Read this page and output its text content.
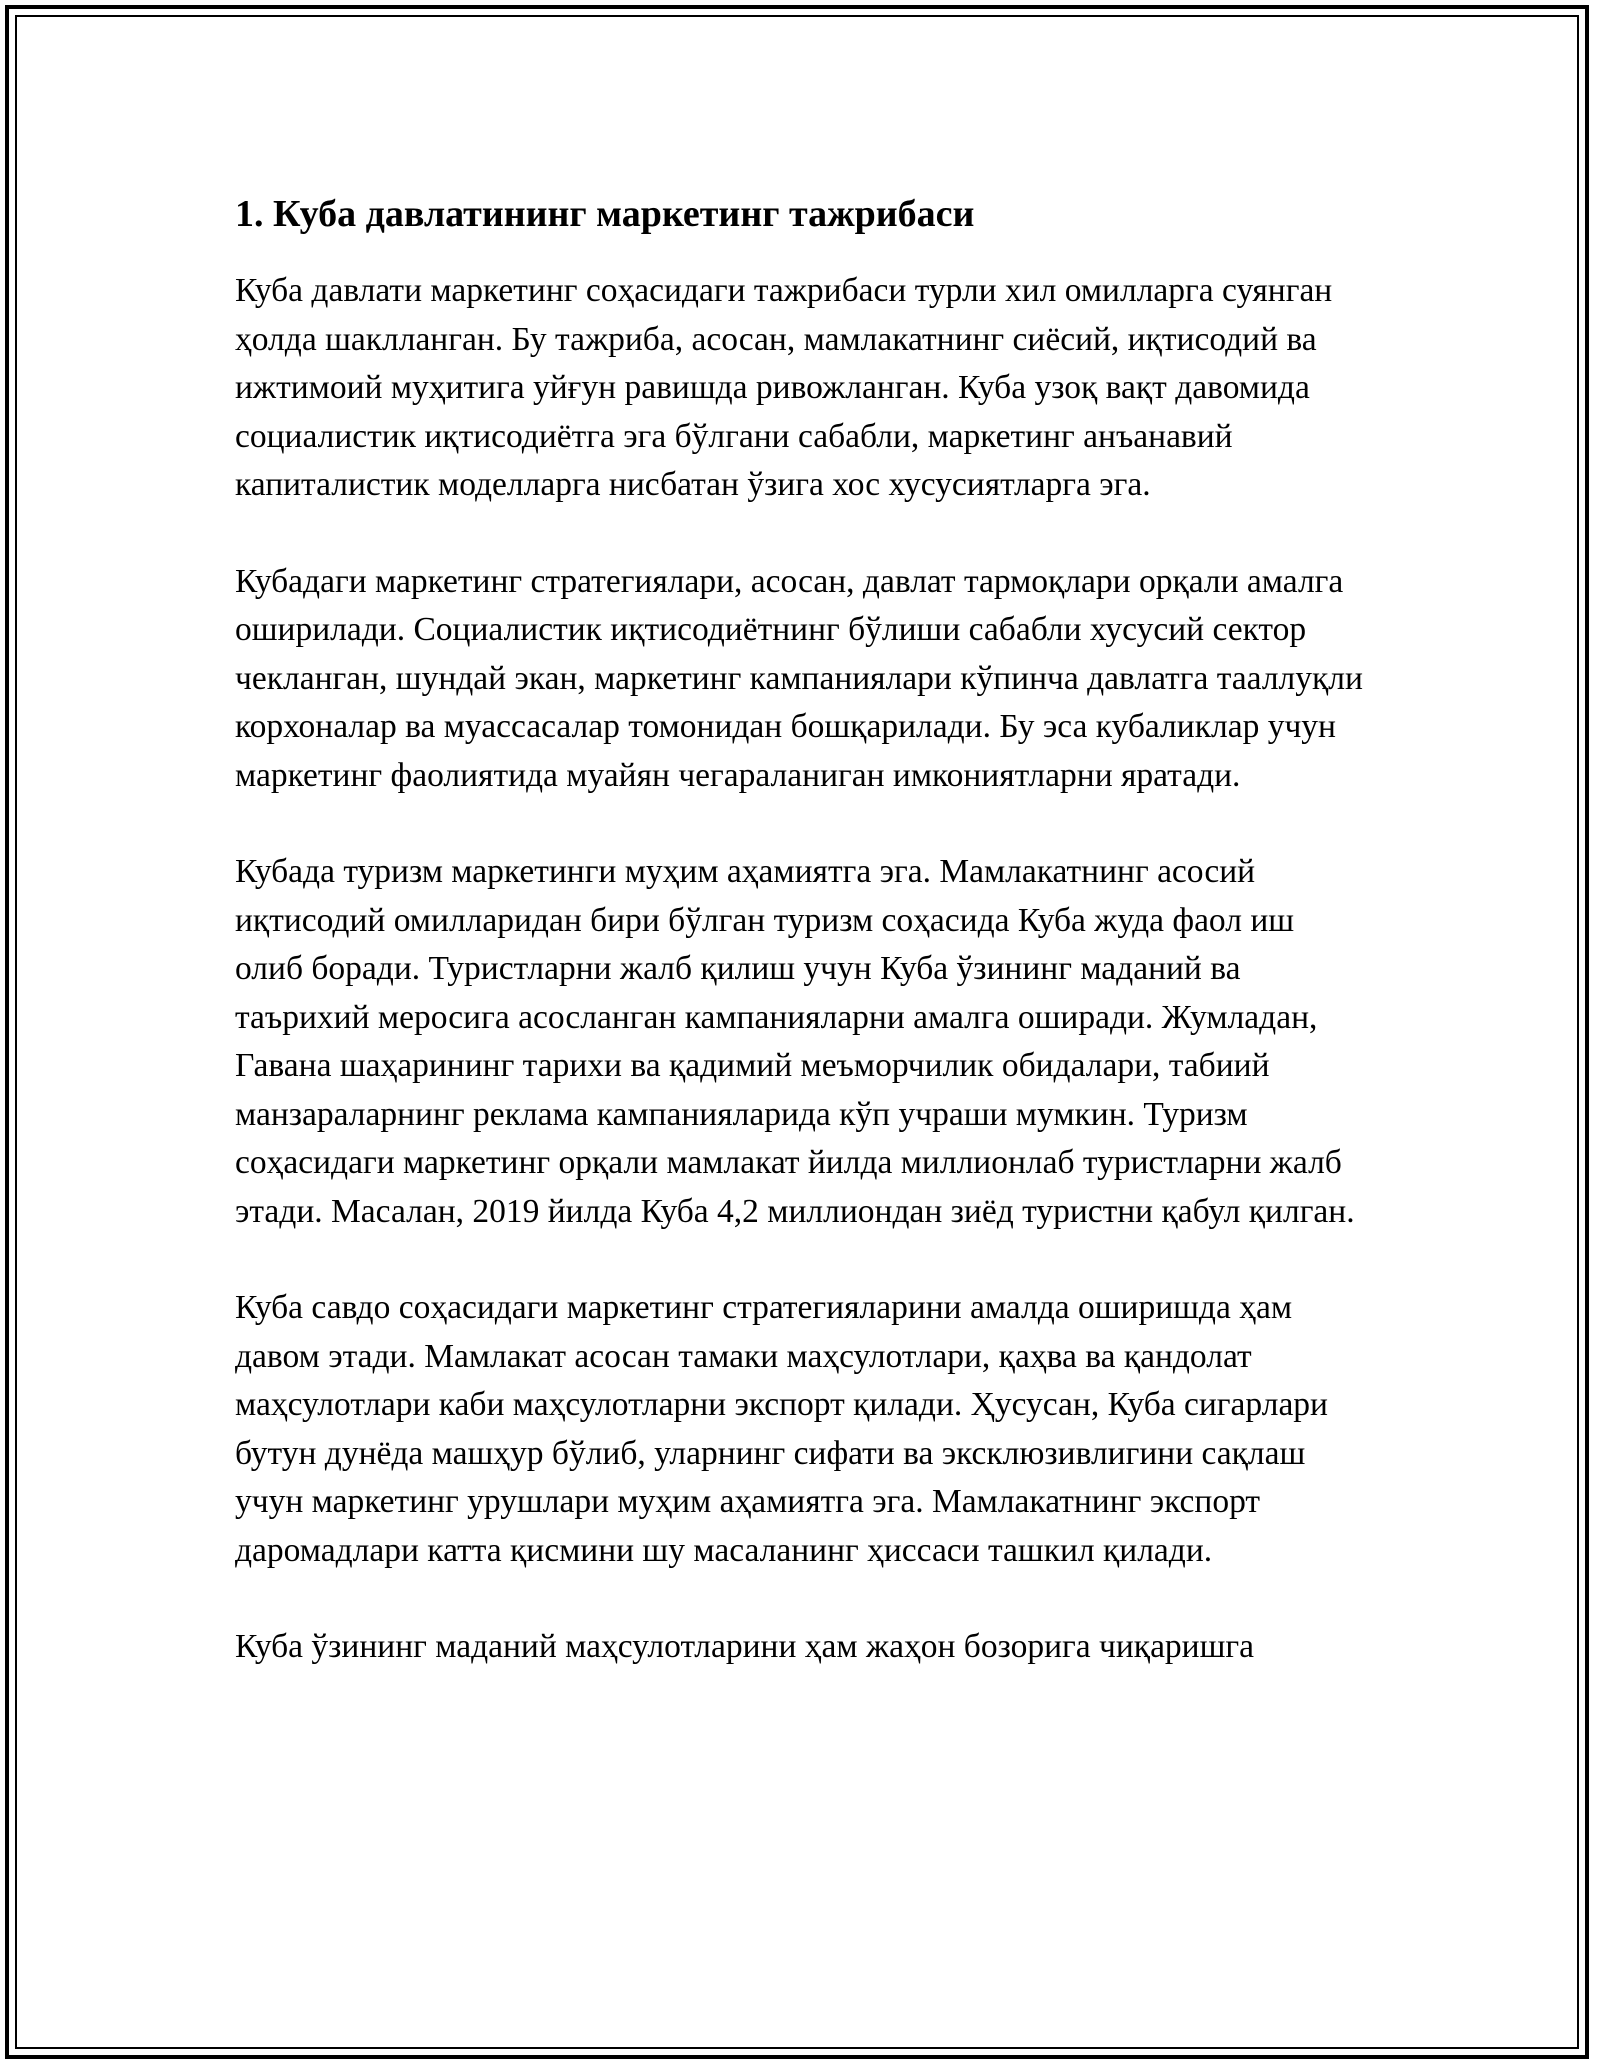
1. Куба давлатининг маркетинг тажрибаси

Куба давлати маркетинг соҳасидаги тажрибаси турли хил омилларга суянган ҳолда шаклланган. Бу тажриба, асосан, мамлакатнинг сиёсий, иқтисодий ва ижтимоий муҳитига уйғун равишда ривожланган. Куба узоқ вақт давомида социалистик иқтисодиётга эга бўлгани сабабли, маркетинг анъанавий капиталистик моделларга нисбатан ўзига хос хусусиятларга эга.

Кубадаги маркетинг стратегиялари, асосан, давлат тармоқлари орқали амалга оширилади. Социалистик иқтисодиётнинг бўлиши сабабли хусусий сектор чекланган, шундай экан, маркетинг кампаниялари кўпинча давлатга тааллуқли корхоналар ва муассасалар томонидан бошқарилади. Бу эса кубаликлар учун маркетинг фаолиятида муайян чегараланиган имкониятларни яратади.

Кубада туризм маркетинги муҳим аҳамиятга эга. Мамлакатнинг асосий иқтисодий омилларидан бири бўлган туризм соҳасида Куба жуда фаол иш олиб боради. Туристларни жалб қилиш учун Куба ўзининг маданий ва таърихий меросига асосланган кампанияларни амалга оширади. Жумладан, Гавана шаҳарининг тарихи ва қадимий меъморчилик обидалари, табиий манзараларнинг реклама кампанияларида кўп учраши мумкин. Туризм соҳасидаги маркетинг орқали мамлакат йилда миллионлаб туристларни жалб этади. Масалан, 2019 йилда Куба 4,2 миллиондан зиёд туристни қабул қилган.

Куба савдо соҳасидаги маркетинг стратегияларини амалда оширишда ҳам давом этади. Мамлакат асосан тамаки маҳсулотлари, қаҳва ва қандолат маҳсулотлари каби маҳсулотларни экспорт қилади. Ҳусусан, Куба сигарлари бутун дунёда машҳур бўлиб, уларнинг сифати ва эксклюзивлигини сақлаш учун маркетинг урушлари муҳим аҳамиятга эга. Мамлакатнинг экспорт даромадлари катта қисмини шу масаланинг ҳиссаси ташкил қилади.

Куба ўзининг маданий маҳсулотларини ҳам жаҳон бозорига чиқаришга
